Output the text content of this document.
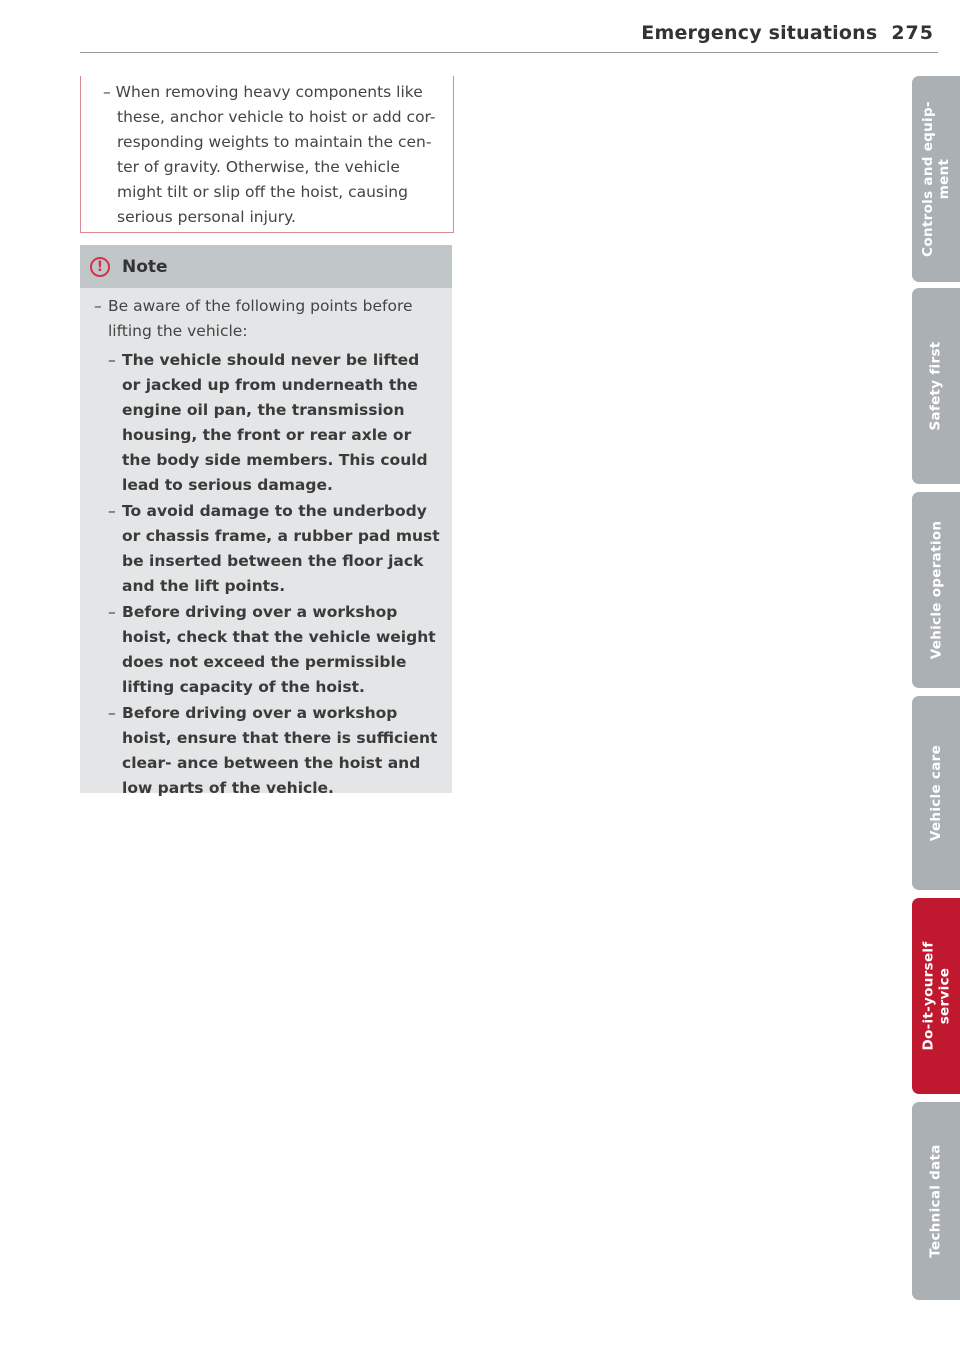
Emergency situations 275
– When removing heavy components like
these, anchor vehicle to hoist or add cor-
responding weights to maintain the cen-
ter of gravity. Otherwise, the vehicle
might tilt or slip off the hoist, causing
serious personal injury.
!	Note
– Be aware of the following points before lifting the vehicle:
– The vehicle should never be lifted or jacked up from underneath the engine oil pan, the transmission housing, the front or rear axle or the body side members. This could lead to serious damage.
– To avoid damage to the underbody or chassis frame, a rubber pad must be inserted between the floor jack and the lift points.
– Before driving over a workshop hoist, check that the vehicle weight does not exceed the permissible lifting capacity of the hoist.
– Before driving over a workshop hoist, ensure that there is sufficient clear- ance between the hoist and low parts of the vehicle.
Controls and equip-
ment
Safety first
Vehicle operation
Vehicle care
Do-it-yourself
service
Technical data
